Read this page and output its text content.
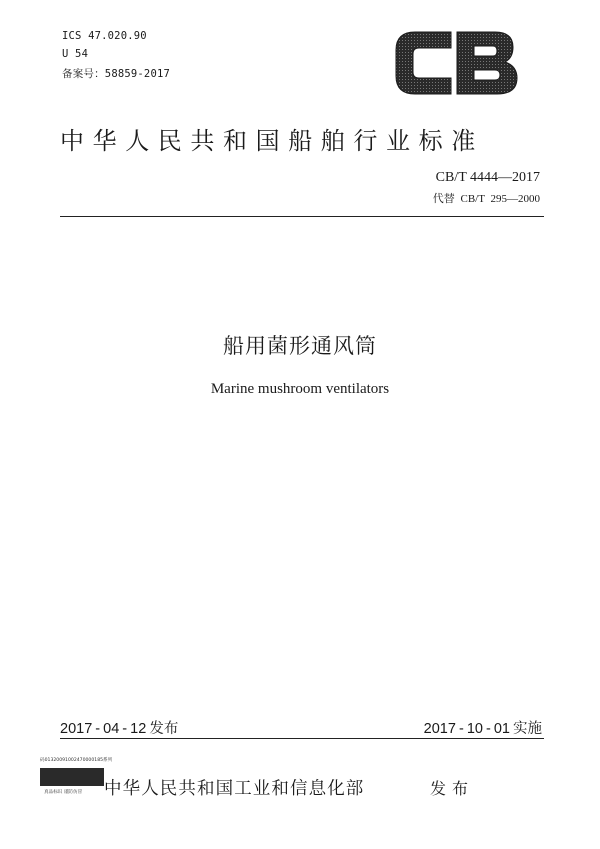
ICS 47.020.90
U 54
备案号：58859-2017
中华人民共和国船舶行业标准
CB/T 4444—2017
代替 CB/T 295—2000
船用菌形通风筒
Marine mushroom ventilators
2017 - 04 - 12 发布	2017 - 10 - 01 实施
码01320091002470000185系列
真品标识 谨防仿冒 中华人民共和国工业和信息化部	发布
